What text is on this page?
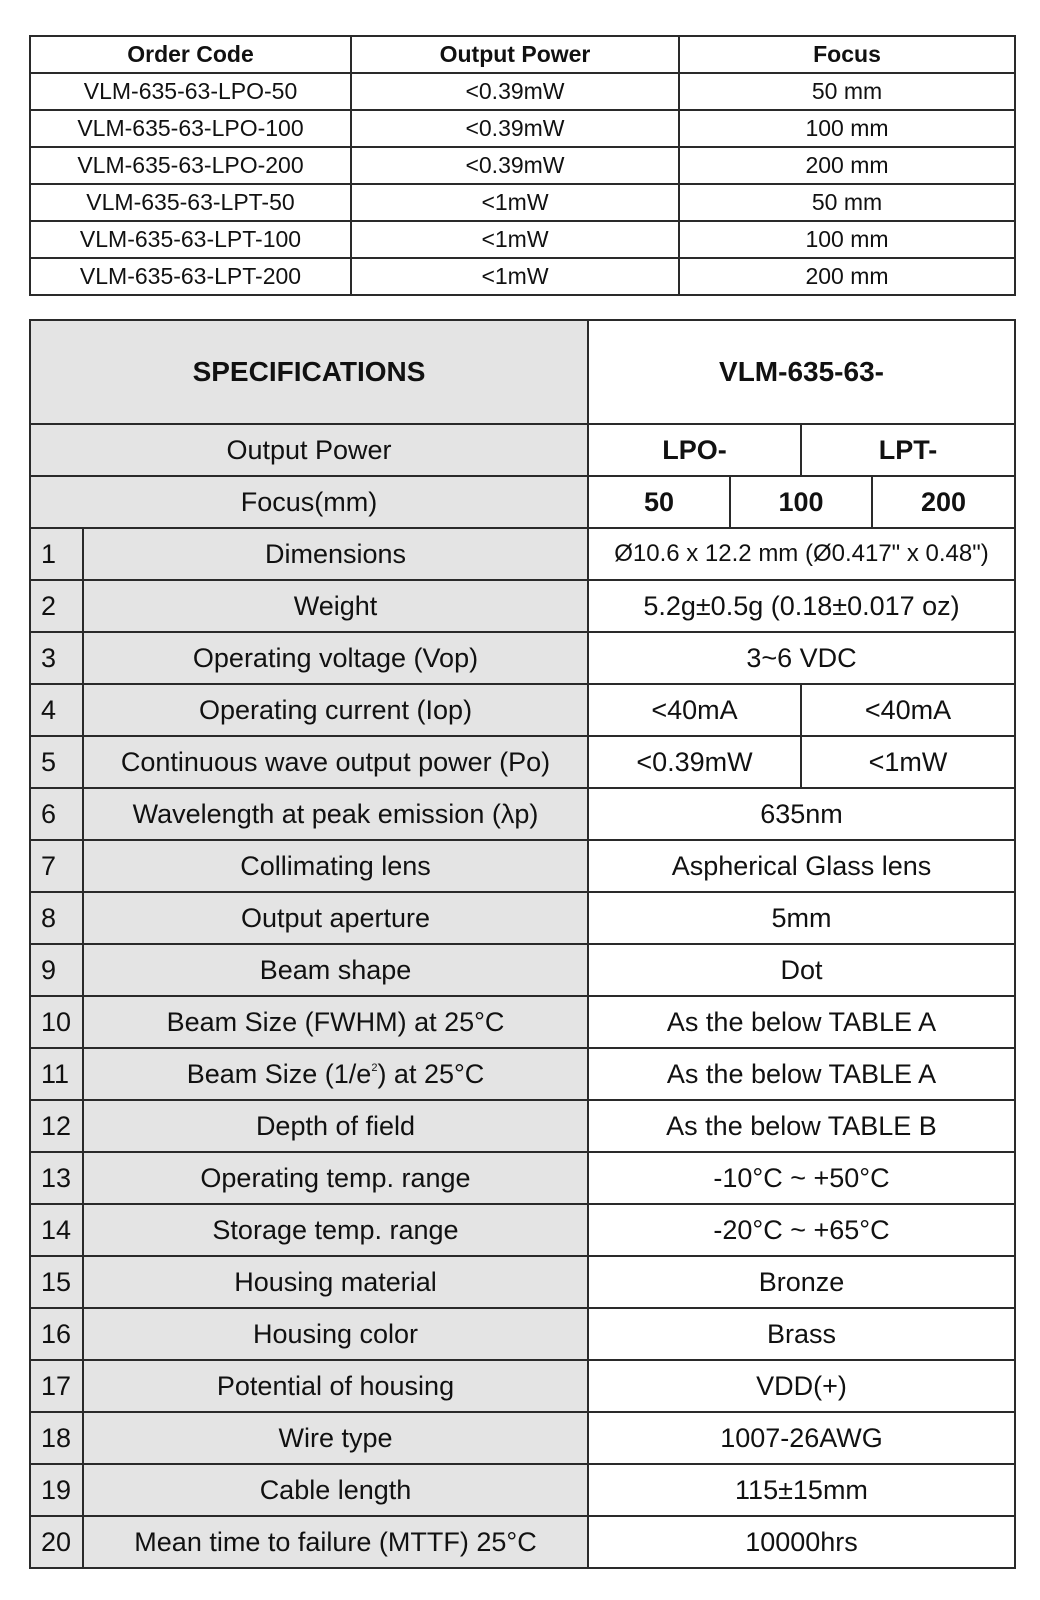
Order Code	Output Power	Focus
VLM-635-63-LPO-50	<0.39mW	50 mm
VLM-635-63-LPO-100	<0.39mW	100 mm
VLM-635-63-LPO-200	<0.39mW	200 mm
VLM-635-63-LPT-50	<1mW	50 mm
VLM-635-63-LPT-100	<1mW	100 mm
VLM-635-63-LPT-200	<1mW	200 mm
SPECIFICATIONS		VLM-635-63-			
Output Power		LPO-		LPT-	
Focus(mm)		50	100		200
1	Dimensions	Ø10.6 x 12.2 mm (Ø0.417" x 0.48")			
2	Weight	5.2g±0.5g (0.18±0.017 oz)			
3	Operating voltage (Vop)	3~6 VDC			
4	Operating current (Iop)	<40mA		<40mA	
5	Continuous wave output power (Po)	<0.39mW		<1mW	
6	Wavelength at peak emission (λp)	635nm			
7	Collimating lens	Aspherical Glass lens			
8	Output aperture	5mm			
9	Beam shape	Dot			
10	Beam Size (FWHM) at 25°C	As the below TABLE A			
11	Beam Size $(1/e^2)$ at 25°C	As the below TABLE A			
12	Depth of field	As the below TABLE B			
13	Operating temp. range	-10°C ~ +50°C			
14	Storage temp. range	-20°C ~ +65°C			
15	Housing material	Bronze			
16	Housing color	Brass			
17	Potential of housing	VDD(+)			
18	Wire type	1007-26AWG			
19	Cable length	115±15mm			
20	Mean time to failure (MTTF) 25°C	10000hrs			
